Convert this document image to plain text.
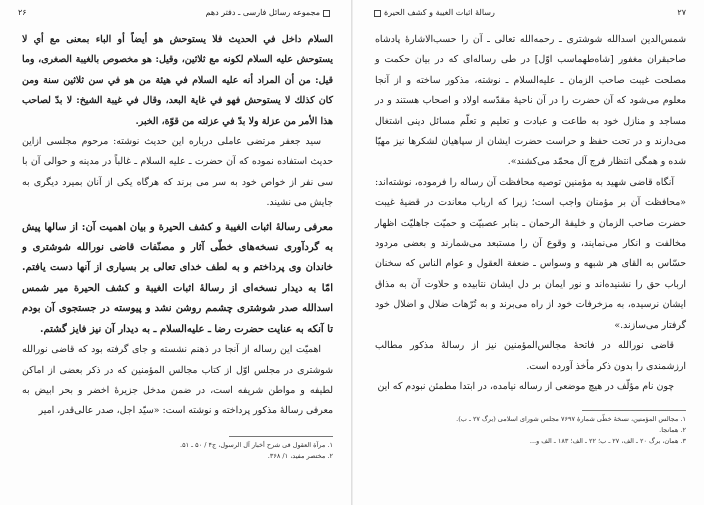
٢۶	مجموعه رسائل فارسی ـ دفتر دهم

السلام داخل في الحديث فلا يستوحش هو أيضاً أو الباء بمعنی مع أي لا يستوحش عليه السلام لكونه مع ثلاثين، وقيل: هو مخصوص بالغيبة الصغرى، وما قيل: من أن المراد أنه عليه السلام في هيئة من هو في سن ثلاثين سنة ومن كان كذلك لا يستوحش فهو في غاية البعد، وقال في غيبة الشيخ: لا بدّ لصاحب هذا الأمر من عزلة ولا بدّ في عزلته من قوّة، الخبر.

سید جعفر مرتضی عاملی درباره این حدیث نوشته: مرحوم مجلسی ازاین حدیث استفاده نموده که آن حضرت ـ علیه السلام ـ غالباً در مدینه و حوالی آن با سی نفر از خواص خود به سر می برند که هرگاه یکی از آنان بمیرد دیگری به جایش می نشیند.

معرفی رسالهٔ اثبات الغیبة و کشف الحیرة و بیان اهمیت آن: از سالها پیش به گردآوری نسخه‌های خطّی آثار و مصنّفات قاضی نورالله شوشتری و خاندان وی پرداختم و به لطف خدای تعالی بر بسیاری از آنها دست یافتم. امّا به دیدار نسخه‌ای از رسالهٔ اثبات الغیبة و کشف الحیرة میر شمس اسدالله صدر شوشتری چشمم روشن نشد و پیوسته در جستجوی آن بودم تا آنکه به عنایت حضرت رضا ـ علیه‌السلام ـ به دیدار آن نیز فایز گشتم.

اهمیّت این رساله از آنجا در ذهنم نشسته و جای گرفته بود که قاضی نورالله شوشتری در مجلس اوّل از کتاب مجالس المؤمنین که در ذکر بعضی از اماکن لطیفه و مواطن شریفه است، در ضمن مدخل جزیرهٔ اخضر و بحر ابیض به معرفی رسالهٔ مذکور پرداخته و نوشته است: «سیّد اجل، صدر عالی‌قدر، امیر

١. مرآة العقول فی شرح أخبار آل الرسول، ج۴ / ۵۰ ـ ۵۱.

٢. مختصر مفید، ١/ ٣۶٨.

٢٧
رسالهٔ اثبات الغیبة و کشف الحیرة

شمس‌الدین اسدالله شوشتری ـ رحمه‌الله تعالی ـ آن را حسب‌الاشارهٔ پادشاه صاحبقران مغفور [شاه‌طهماسب اوّل] در طی رساله‌ای که در بیان حکمت و مصلحت غیبت صاحب الزمان ـ علیه‌السلام ـ نوشته، مذکور ساخته و از آنجا معلوم می‌شود که آن حضرت را در آن ناحیهٔ مقدّسه اولاد و اصحاب هستند و در مساجد و منازل خود به طاعت و عبادت و تعلیم و تعلّم مسائل دینی اشتغال می‌دارند و در تحت حفظ و حراست حضرت ایشان از سپاهیان لشکرها نیز مهیّا شده و همگی انتظار فرج آل محمّد می‌کشند».

آنگاه قاضی شهید به مؤمنین توصیه محافظت آن رساله را فرموده، نوشته‌اند: «محافظت آن بر مؤمنان واجب است؛ زیرا که ارباب معاندت در قضیهٔ غیبت حضرت صاحب الزمان و خلیفهٔ الرحمان ـ بنابر عصبیّت و حمیّت جاهلیّت اظهار مخالفت و انکار می‌نمایند، و وقوع آن را مستبعد می‌شمارند و بعضی مردود حسّاس به القای هر شبهه و وسواس ـ ضعفة العقول و عوام الناس که سخنان ارباب حق را نشنیده‌اند و نور ایمان بر دل ایشان نتابیده و حلاوت آن به مذاق ایشان نرسیده، به مزخرفات خود از راه می‌برند و به تُرّهات ضلال و اضلال خود گرفتار می‌سازند.»

قاضی نورالله در فاتحهٔ مجالس‌المؤمنین نیز از رسالهٔ مذکور مطالب ارزشمندی را بدون ذکر مأخذ آورده است.

چون نام مؤلّف در هیچ موضعی از رساله نیامده، در ابتدا مطمئن نبودم که این

١. مجالس المؤمنین، نسخهٔ خطّی شمارهٔ ۷۶۹۷ مجلس شورای اسلامی (برگ ۲۷ ـ ب).

٢. همانجا.

٣. همان، برگ ٢٠ ـ الف، ٢٧ ـ ب؛ ٢٢ ـ الف؛ ١٨٣ ـ الف و...
